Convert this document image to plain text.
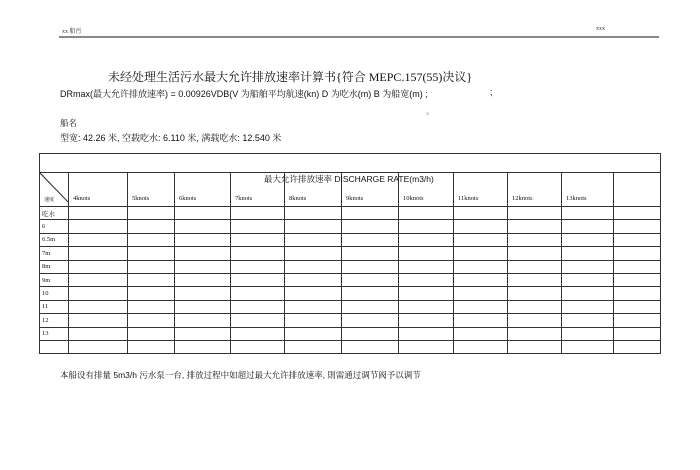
xx 船污	xxx
未经处理生活污水最大允许排放速率计算书{符合 MEPC.157(55)决议}
DRmax(最大允许排放速率) = 0.00926VDB(V 为船舶平均航速(kn) D 为吃水(m) B 为船宽(m) ;	;
。
船名
型宽: 42.26 米, 空载吃水: 6.110 米, 满载吃水: 12.540 米

速度	4knots	5knots	6knots	7knots	8knots	9knots	10knots	11knots	12knots	13knots	
吃水											
6											
6.5m											
7m											
8m											
9m											
10											
11											
12											
13											

最大允许排放速率 DISCHARGE RATE(m3/h)
本船设有排量 5m3/h 污水泵一台, 排放过程中如超过最大允许排放速率, 則需通过调节阀予以调节
